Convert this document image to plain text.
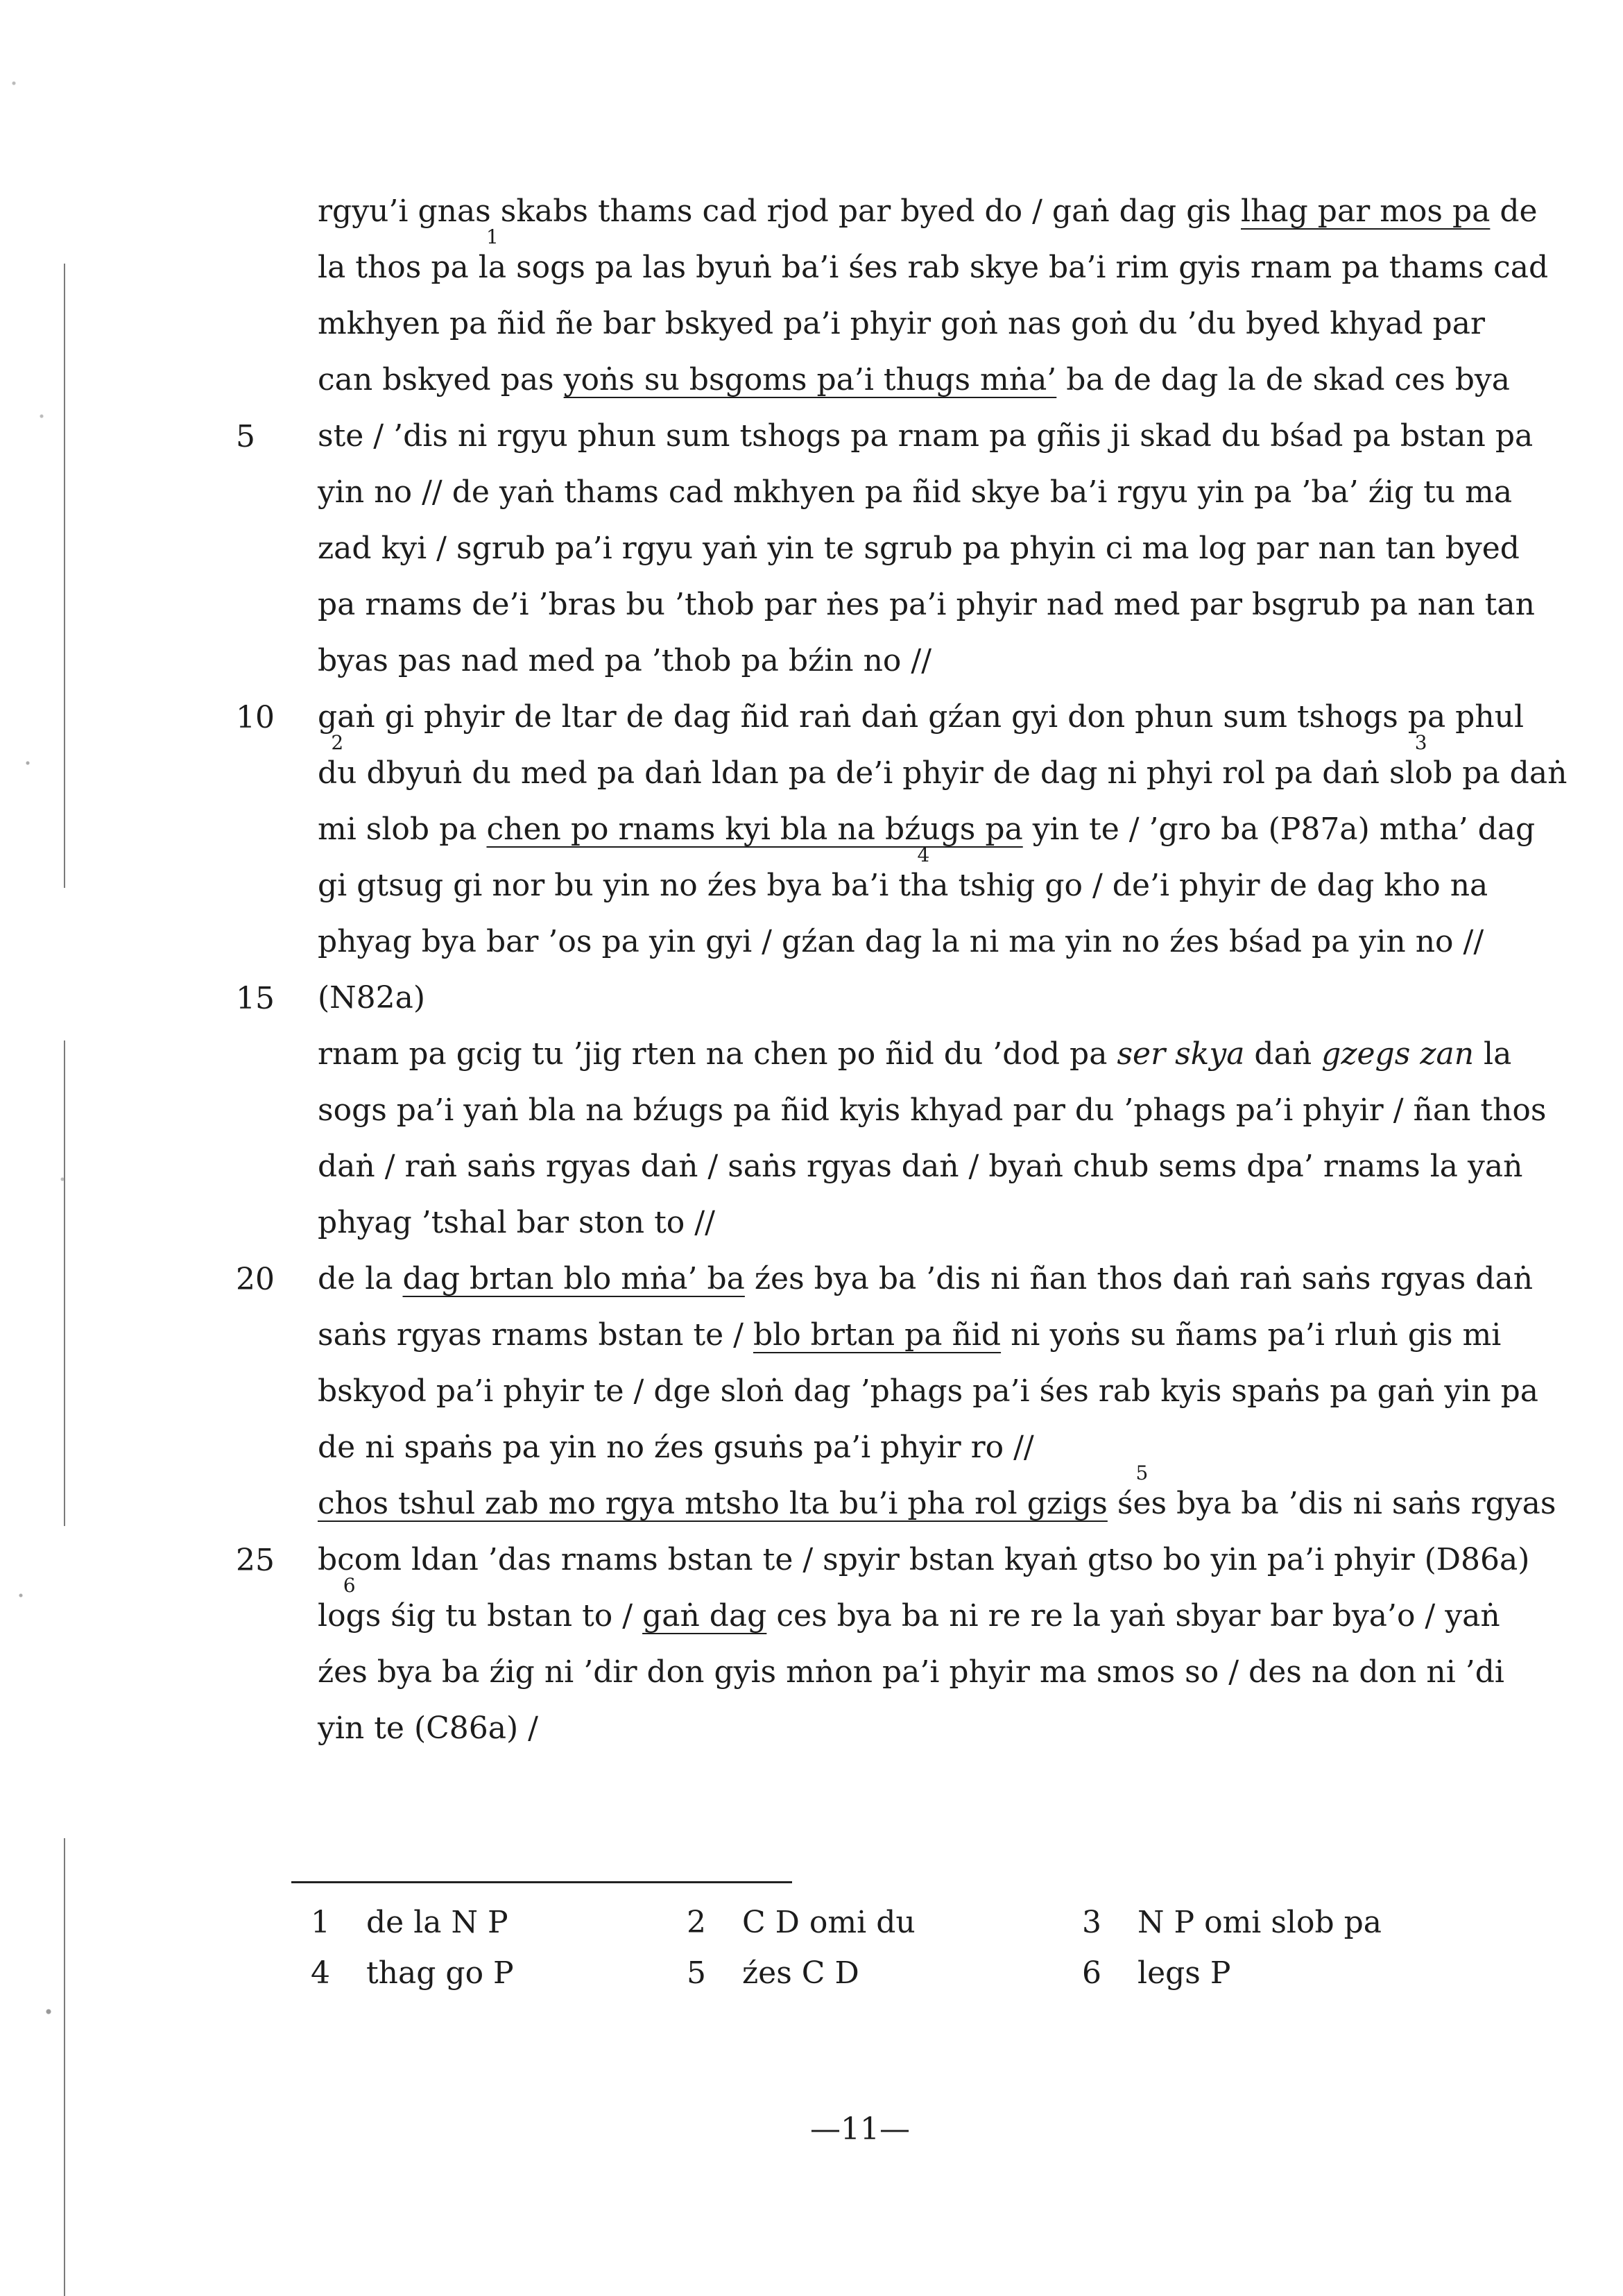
rgyu’i gnas skabs thams cad rjod par byed do / gaṅ dag gis lhag par mos pa de
la thos pa la
1
sogs pa las byuṅ ba’i śes rab skye ba’i rim gyis rnam pa thams cad
mkhyen pa ñid ñe bar bskyed pa’i phyir goṅ nas goṅ du ’du byed khyad par
can bskyed pas yoṅs su bsgoms pa’i thugs mṅa’ ba de dag la de skad ces bya
ste / ’dis ni rgyu phun sum tshogs pa rnam pa gñis ji skad du bśad pa bstan pa
yin no // de yaṅ thams cad mkhyen pa ñid skye ba’i rgyu yin pa ’ba’ źig tu ma
zad kyi / sgrub pa’i rgyu yaṅ yin te sgrub pa phyin ci ma log par nan tan byed
pa rnams de’i ’bras bu ’thob par ṅes pa’i phyir nad med par bsgrub pa nan tan
byas pas nad med pa ’thob pa bźin no //
gaṅ gi phyir de ltar de dag ñid raṅ daṅ gźan gyi don phun sum tshogs pa phul
du
2
dbyuṅ du med pa daṅ ldan pa de’i phyir de dag ni phyi rol pa daṅ slob
3
pa daṅ
mi slob pa chen po rnams kyi bla na bźugs pa yin te / ’gro ba (P87a) mtha’ dag
gi gtsug gi nor bu yin no źes bya ba’i tha
4
tshig go / de’i phyir de dag kho na
phyag bya bar ’os pa yin gyi / gźan dag la ni ma yin no źes bśad pa yin no //
(N82a)
rnam pa gcig tu ’jig rten na chen po ñid du ’dod pa ser skya daṅ gzegs zan la
sogs pa’i yaṅ bla na bźugs pa ñid kyis khyad par du ’phags pa’i phyir / ñan thos
daṅ / raṅ saṅs rgyas daṅ / saṅs rgyas daṅ / byaṅ chub sems dpa’ rnams la yaṅ
phyag ’tshal bar ston to //
de la dag brtan blo mṅa’ ba źes bya ba ’dis ni ñan thos daṅ raṅ saṅs rgyas daṅ
saṅs rgyas rnams bstan te / blo brtan pa ñid ni yoṅs su ñams pa’i rluṅ gis mi
bskyod pa’i phyir te / dge sloṅ dag ’phags pa’i śes rab kyis spaṅs pa gaṅ yin pa
de ni spaṅs pa yin no źes gsuṅs pa’i phyir ro //
chos tshul zab mo rgya mtsho lta bu’i pha rol gzigs śes
5
bya ba ’dis ni saṅs rgyas
bcom ldan ’das rnams bstan te / spyir bstan kyaṅ gtso bo yin pa’i phyir (D86a)
logs
6
śig tu bstan to / gaṅ dag ces bya ba ni re re la yaṅ sbyar bar bya’o / yaṅ
źes bya ba źig ni ’dir don gyis mṅon pa’i phyir ma smos so / des na don ni ’di
yin te (C86a) /
5
10
15
20
25
1 de la N P	2 C D omi du	3 N P omi slob pa
4 thag go P	5 źes C D	6 legs P
—11—
